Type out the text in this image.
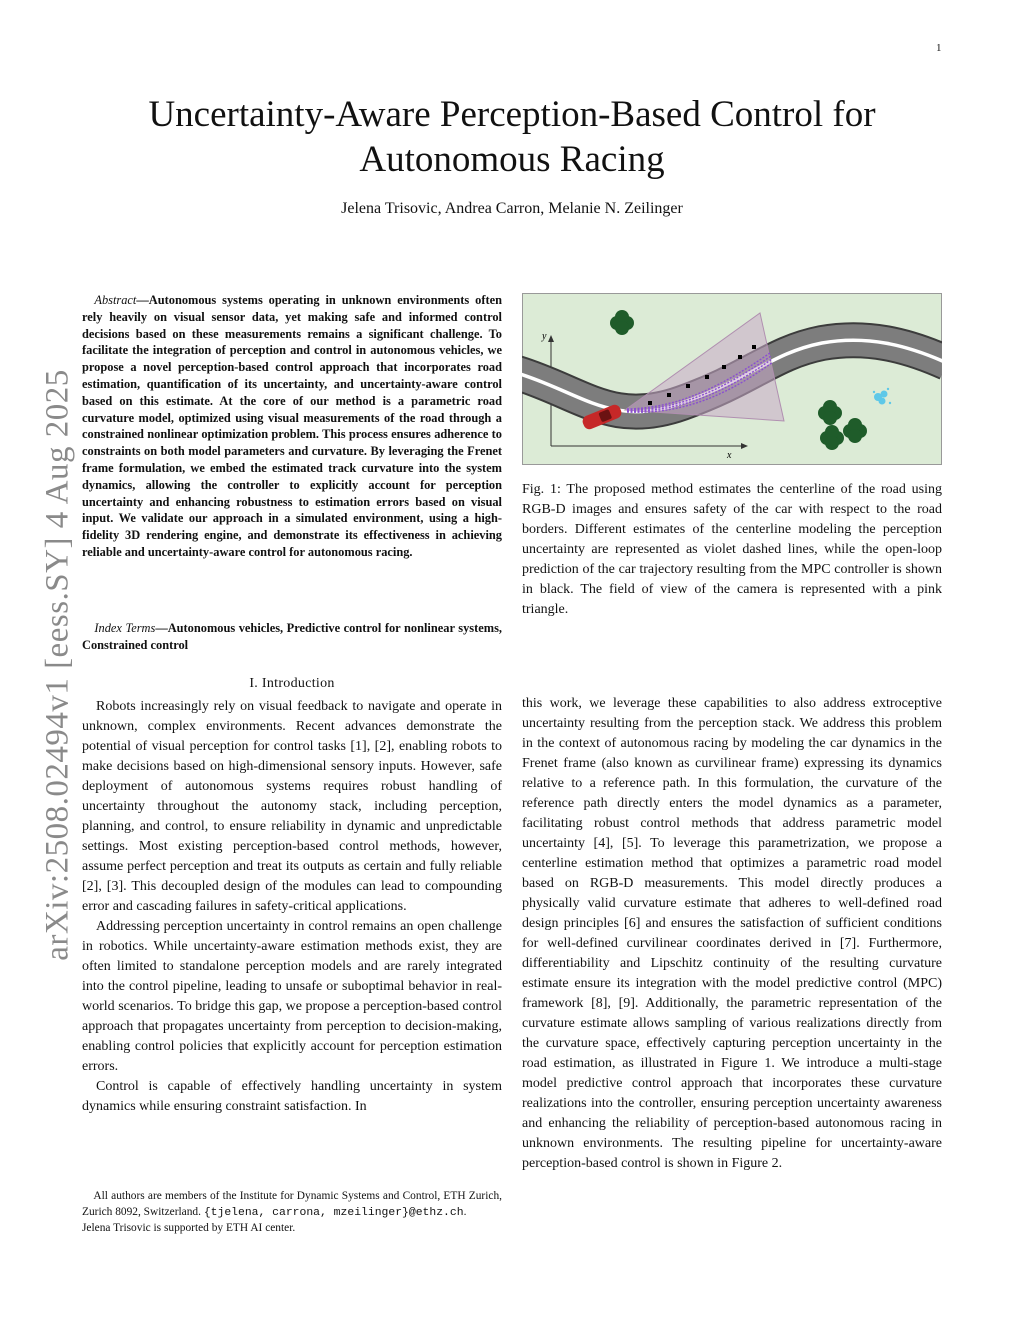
1
Uncertainty-Aware Perception-Based Control for Autonomous Racing
Jelena Trisovic, Andrea Carron, Melanie N. Zeilinger
arXiv:2508.02494v1 [eess.SY] 4 Aug 2025

Abstract—Autonomous systems operating in unknown environments often rely heavily on visual sensor data, yet making safe and informed control decisions based on these measurements remains a significant challenge. To facilitate the integration of perception and control in autonomous vehicles, we propose a novel perception-based control approach that incorporates road estimation, quantification of its uncertainty, and uncertainty-aware control based on this estimate. At the core of our method is a parametric road curvature model, optimized using visual measurements of the road through a constrained nonlinear optimization problem. This process ensures adherence to constraints on both model parameters and curvature. By leveraging the Frenet frame formulation, we embed the estimated track curvature into the system dynamics, allowing the controller to explicitly account for perception uncertainty and enhancing robustness to estimation errors based on visual input. We validate our approach in a simulated environment, using a high-fidelity 3D rendering engine, and demonstrate its effectiveness in achieving reliable and uncertainty-aware control for autonomous racing.

Index Terms—Autonomous vehicles, Predictive control for nonlinear systems, Constrained control

y
x
Fig. 1: The proposed method estimates the centerline of the road using RGB-D images and ensures safety of the car with respect to the road borders. Different estimates of the centerline modeling the perception uncertainty are represented as violet dashed lines, while the open-loop prediction of the car trajectory resulting from the MPC controller is shown in black. The field of view of the camera is represented with a pink triangle.
I. Introduction

Robots increasingly rely on visual feedback to navigate and operate in unknown, complex environments. Recent advances demonstrate the potential of visual perception for control tasks [1], [2], enabling robots to make decisions based on high-dimensional sensory inputs. However, safe deployment of autonomous systems requires robust handling of uncertainty throughout the autonomy stack, including perception, planning, and control, to ensure reliability in dynamic and unpredictable settings. Most existing perception-based control methods, however, assume perfect perception and treat its outputs as certain and fully reliable [2], [3]. This decoupled design of the modules can lead to compounding error and cascading failures in safety-critical applications.

Addressing perception uncertainty in control remains an open challenge in robotics. While uncertainty-aware estimation methods exist, they are often limited to standalone perception models and are rarely integrated into the control pipeline, leading to unsafe or suboptimal behavior in real-world scenarios. To bridge this gap, we propose a perception-based control approach that propagates uncertainty from perception to decision-making, enabling control policies that explicitly account for perception estimation errors.

Control is capable of effectively handling uncertainty in system dynamics while ensuring constraint satisfaction. In

All authors are members of the Institute for Dynamic Systems and Control, ETH Zurich, Zurich 8092, Switzerland. {tjelena, carrona, mzeilinger}@ethz.ch.

Jelena Trisovic is supported by ETH AI center.

this work, we leverage these capabilities to also address extroceptive uncertainty resulting from the perception stack. We address this problem in the context of autonomous racing by modeling the car dynamics in the Frenet frame (also known as curvilinear frame) expressing its dynamics relative to a reference path. In this formulation, the curvature of the reference path directly enters the model dynamics as a parameter, facilitating robust control methods that address parametric model uncertainty [4], [5]. To leverage this parametrization, we propose a centerline estimation method that optimizes a parametric road model based on RGB-D measurements. This model directly produces a physically valid curvature estimate that adheres to well-defined road design principles [6] and ensures the satisfaction of sufficient conditions for well-defined curvilinear coordinates derived in [7]. Furthermore, differentiability and Lipschitz continuity of the resulting curvature estimate ensure its integration with the model predictive control (MPC) framework [8], [9]. Additionally, the parametric representation of the curvature estimate allows sampling of various realizations directly from the curvature space, effectively capturing perception uncertainty in the road estimation, as illustrated in Figure 1. We introduce a multi-stage model predictive control approach that incorporates these curvature realizations into the controller, ensuring perception uncertainty awareness and enhancing the reliability of perception-based autonomous racing in unknown environments. The resulting pipeline for uncertainty-aware perception-based control is shown in Figure 2.
